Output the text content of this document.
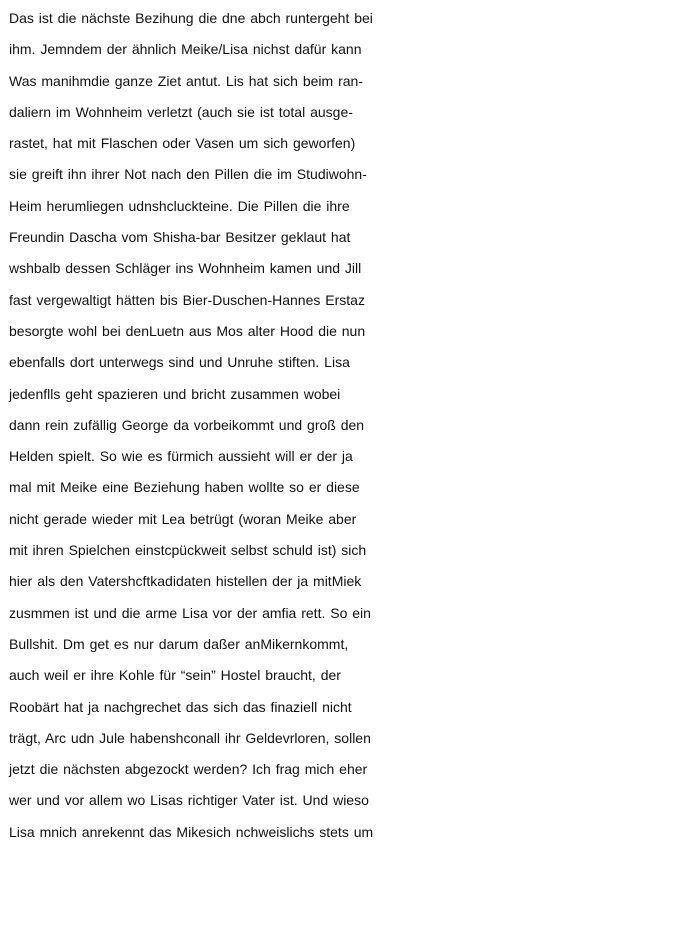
Das ist die nächste Bezihung die dne abch runtergeht bei
ihm. Jemndem der ähnlich Meike/Lisa nichst dafür kann
Was manihmdie ganze Ziet antut. Lis hat sich beim ran-
daliern im Wohnheim verletzt (auch sie ist total ausge-
rastet, hat mit Flaschen oder Vasen um sich geworfen)
sie greift ihn ihrer Not nach den Pillen die im Studiwohn-
Heim herumliegen udnshcluckteine. Die Pillen die ihre
Freundin Dascha vom Shisha-bar Besitzer geklaut hat
wshbalb dessen Schläger ins Wohnheim kamen und Jill
fast vergewaltigt hätten bis Bier-Duschen-Hannes Erstaz
besorgte wohl bei denLuetn aus Mos alter Hood die nun
ebenfalls dort unterwegs sind und Unruhe stiften. Lisa
jedenflls geht spazieren und bricht zusammen wobei
dann rein zufällig George da vorbeikommt und groß den
Helden spielt. So wie es fürmich aussieht will er der ja
mal mit Meike eine Beziehung haben wollte so er diese
nicht gerade wieder mit Lea betrügt (woran Meike aber
mit ihren Spielchen einstcpückweit selbst schuld ist) sich
hier als den Vatershcftkadidaten histellen der ja mitMiek
zusmmen ist und die arme Lisa vor der amfia rett. So ein
Bullshit. Dm get es nur darum daßer anMikernkommt,
auch weil er ihre Kohle für “sein” Hostel braucht, der
Roobärt hat ja nachgrechet das sich das finaziell nicht
trägt, Arc udn Jule habenshconall ihr Geldevrloren, sollen
jetzt die nächsten abgezockt werden? Ich frag mich eher
wer und vor allem wo Lisas richtiger Vater ist. Und wieso
Lisa mnich anrekennt das Mikesich nchweislichs stets um
